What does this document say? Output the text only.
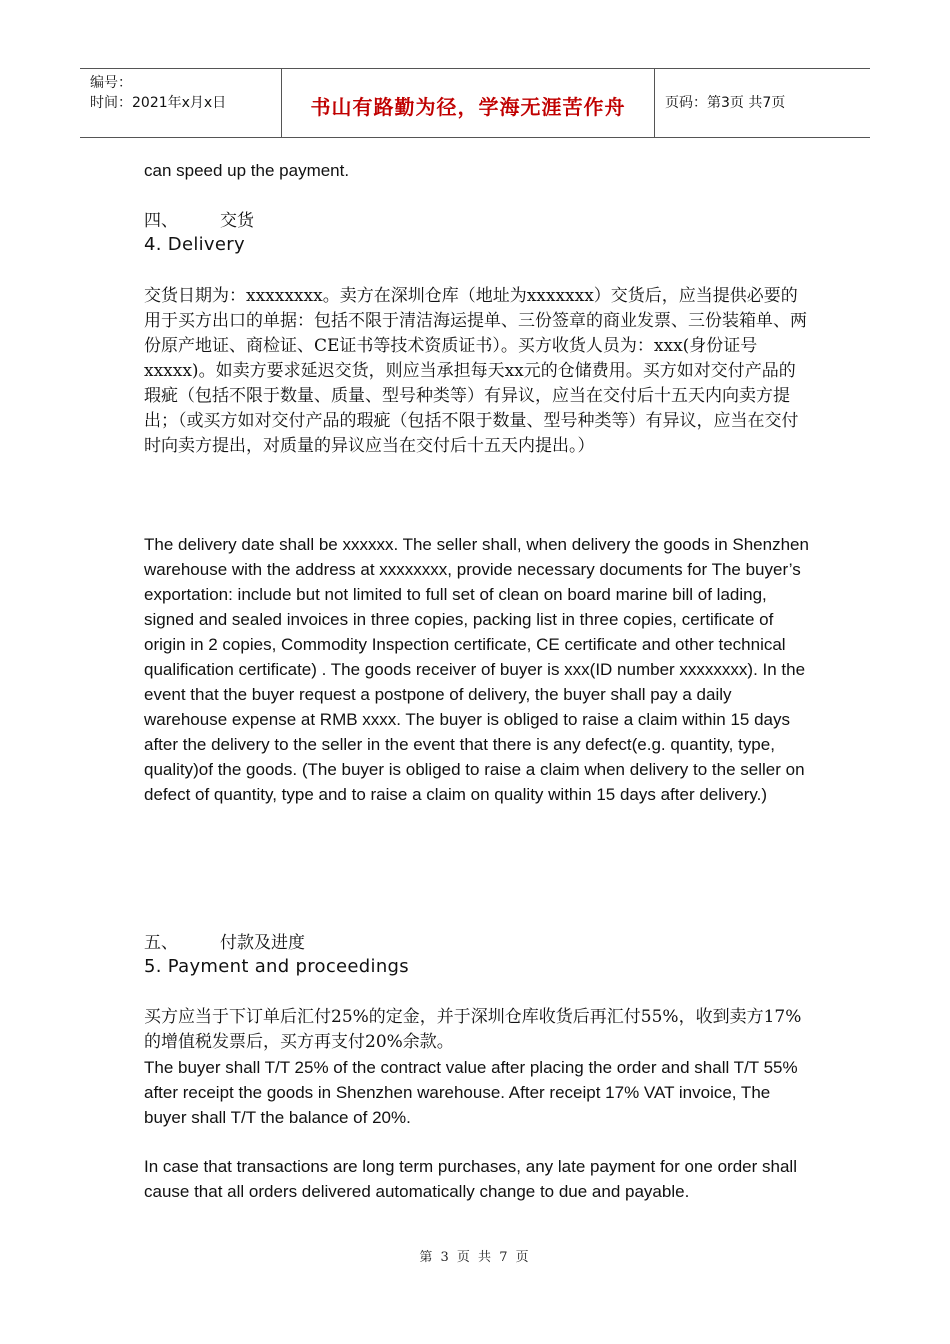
编号：
时间：2021年x月x日	书山有路勤为径，学海无涯苦作舟	页码：第3页 共7页
can speed up the payment.
四、 交货
4. Delivery
交货日期为：xxxxxxxx。卖方在深圳仓库（地址为xxxxxxx）交货后，应当提供必要的用于买方出口的单据：包括不限于清洁海运提单、三份签章的商业发票、三份装箱单、两份原产地证、商检证、CE证书等技术资质证书）。买方收货人员为：xxx(身份证号xxxxx)。如卖方要求延迟交货，则应当承担每天xx元的仓储费用。买方如对交付产品的瑕疵（包括不限于数量、质量、型号种类等）有异议，应当在交付后十五天内向卖方提出；（或买方如对交付产品的瑕疵（包括不限于数量、型号种类等）有异议，应当在交付时向卖方提出，对质量的异议应当在交付后十五天内提出。）
The delivery date shall be xxxxxx. The seller shall, when delivery the goods in Shenzhen warehouse with the address at xxxxxxxx, provide necessary documents for The buyer’s exportation: include but not limited to full set of clean on board marine bill of lading, signed and sealed invoices in three copies, packing list in three copies, certificate of origin in 2 copies, Commodity Inspection certificate, CE certificate and other technical qualification certificate) . The goods receiver of buyer is xxx(ID number xxxxxxxx). In the event that the buyer request a postpone of delivery, the buyer shall pay a daily warehouse expense at RMB xxxx. The buyer is obliged to raise a claim within 15 days after the delivery to the seller in the event that there is any defect(e.g. quantity, type, quality)of the goods. (The buyer is obliged to raise a claim when delivery to the seller on defect of quantity, type and to raise a claim on quality within 15 days after delivery.)
五、 付款及进度
5. Payment and proceedings
买方应当于下订单后汇付25%的定金，并于深圳仓库收货后再汇付55%，收到卖方17%的增值税发票后，买方再支付20%余款。
The buyer shall T/T 25% of the contract value after placing the order and shall T/T 55% after receipt the goods in Shenzhen warehouse. After receipt 17% VAT invoice, The buyer shall T/T the balance of 20%.
In case that transactions are long term purchases, any late payment for one order shall cause that all orders delivered automatically change to due and payable.
第 3 页 共 7 页
